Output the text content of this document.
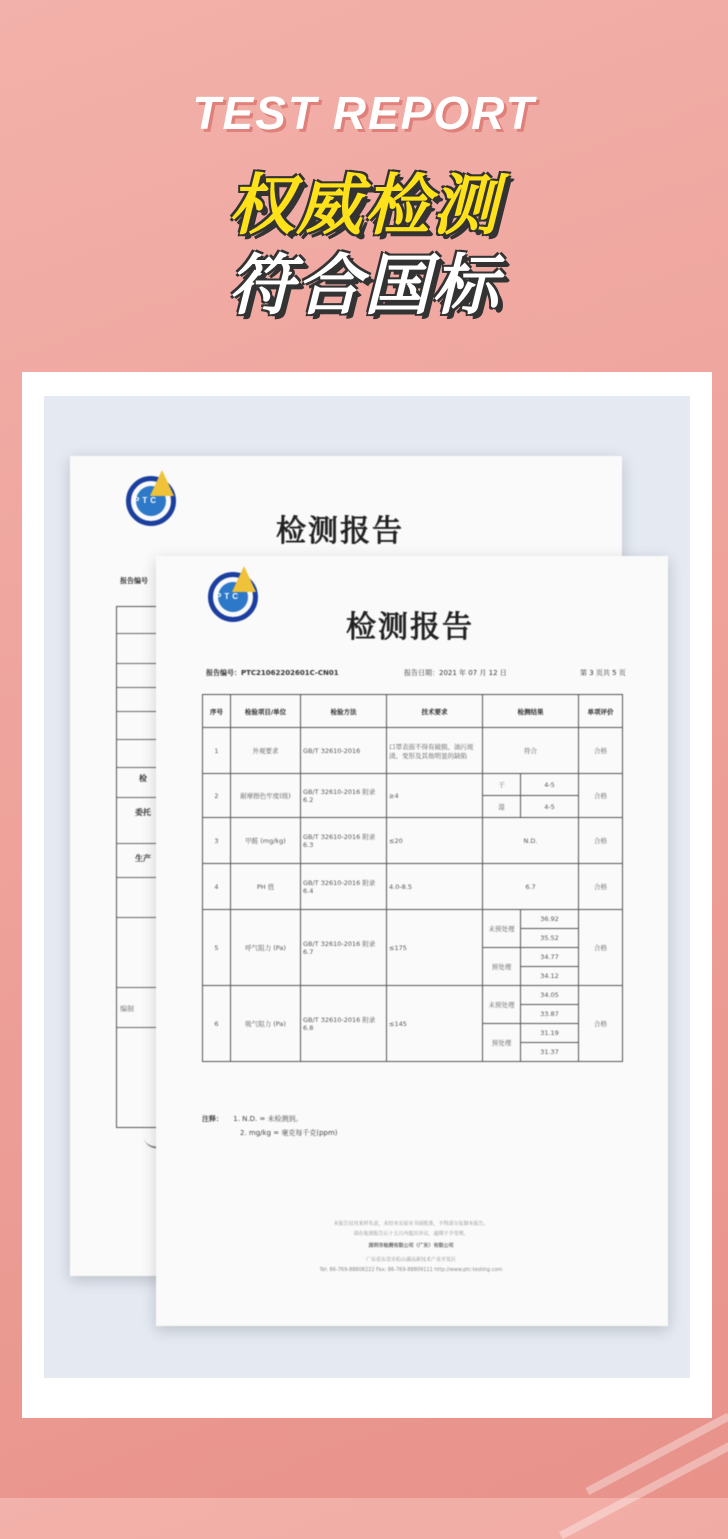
TEST REPORT
权威检测
符合国标
PTC
检测报告
报告编号
检
委托
生产
编制
PTC
检测报告
报告编号：PTC21062202601C-CN01	报告日期：2021 年 07 月 12 日	第 3 页共 5 页
序号	检验项目/单位	检验方法	技术要求	检测结果		单项评价
1	外观要求	GB/T 32610-2016	口罩表面不得有破损、油污斑渍、变形及其他明显的缺陷	符合		合格
2	耐摩擦色牢度(级)	GB/T 32610-2016 附录 6.2	≥4	干	4-5	合格
				湿	4-5	
3	甲醛 (mg/kg)	GB/T 32610-2016 附录 6.3	≤20	N.D.		合格
4	PH 值	GB/T 32610-2016 附录 6.4	4.0-8.5	6.7		合格
5	呼气阻力 (Pa)	GB/T 32610-2016 附录 6.7	≤175	未预处理	36.92	合格
					35.52	
				预处理	34.77	
					34.12	
6	吸气阻力 (Pa)	GB/T 32610-2016 附录 6.8	≤145	未预处理	34.05	合格
					33.87	
				预处理	31.19	
					31.37	
注释： 1. N.D. = 未检测到。
2. mg/kg = 毫克每千克(ppm)
本报告仅对来样负责，未经本实验室书面批准，不得部分复制本报告。
请在收到报告后十五日内提出异议，逾期不予受理。
深圳市检测有限公司（广东）有限公司
广东省东莞市松山湖高新技术产业开发区
Tel: 86-769-88808222 Fax: 86-769-88809111 http://www.ptc-testing.com
